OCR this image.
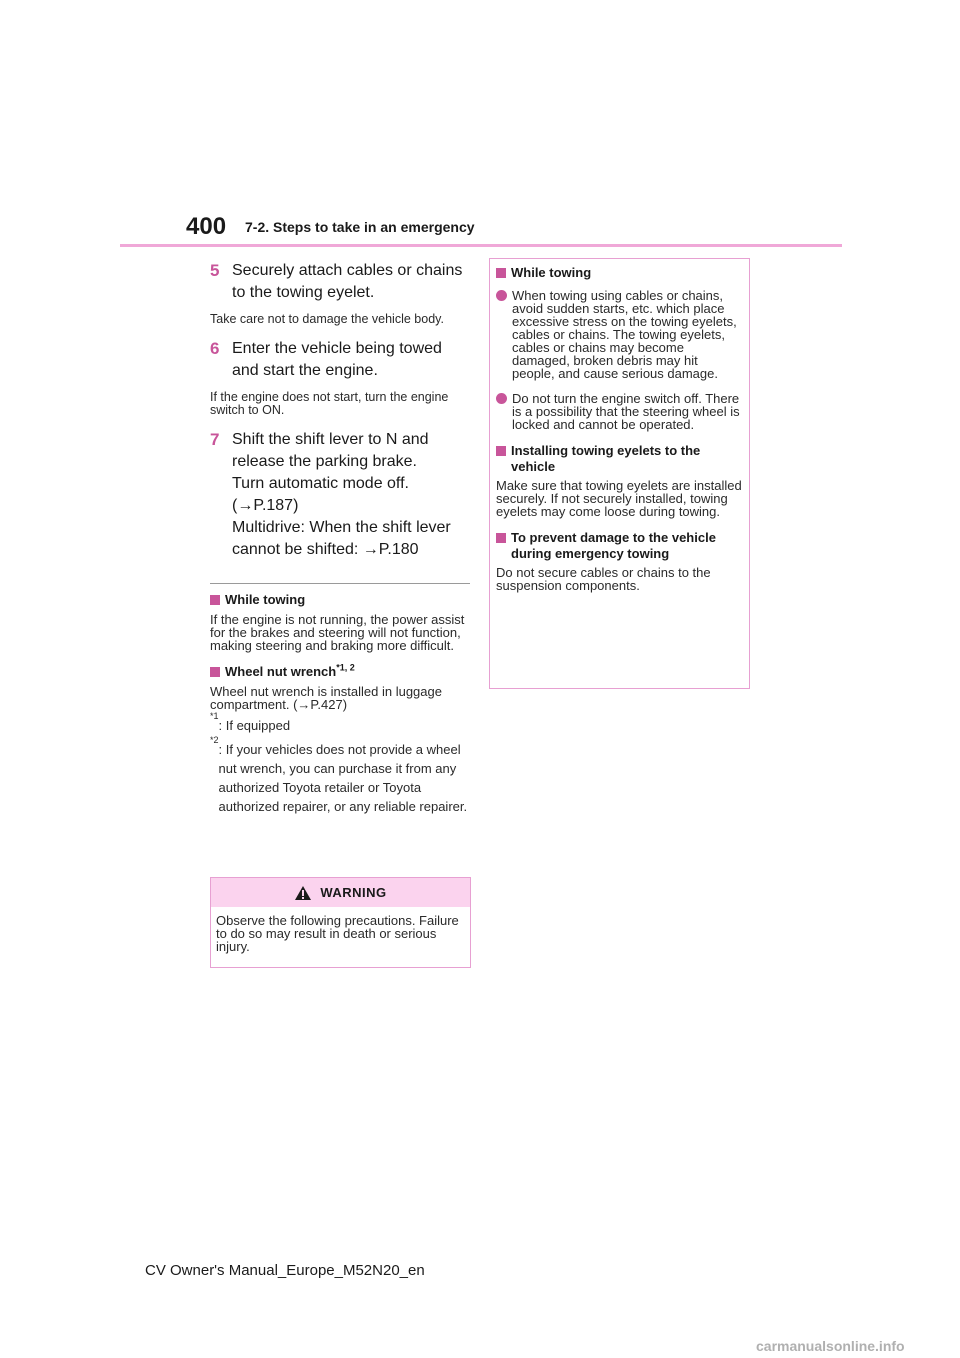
400 7-2. Steps to take in an emergency
5 Securely attach cables or chains to the towing eyelet.
Take care not to damage the vehicle body.
6 Enter the vehicle being towed and start the engine.
If the engine does not start, turn the engine switch to ON.
7 Shift the shift lever to N and release the parking brake.
Turn automatic mode off. (→P.187)
Multidrive: When the shift lever cannot be shifted: →P.180
While towing
If the engine is not running, the power assist for the brakes and steering will not function, making steering and braking more difficult.
Wheel nut wrench$^{*1, 2}$
Wheel nut wrench is installed in luggage compartment. (→P.427)
*1
: If equipped
*2
: If your vehicles does not provide a wheel nut wrench, you can purchase it from any authorized Toyota retailer or Toyota authorized repairer, or any reliable repairer.
WARNING
Observe the following precautions. Failure to do so may result in death or serious injury.
While towing
When towing using cables or chains, avoid sudden starts, etc. which place excessive stress on the towing eyelets, cables or chains. The towing eyelets, cables or chains may become damaged, broken debris may hit people, and cause serious damage.
Do not turn the engine switch off. There is a possibility that the steering wheel is locked and cannot be operated.
Installing towing eyelets to the vehicle
Make sure that towing eyelets are installed securely. If not securely installed, towing eyelets may come loose during towing.
To prevent damage to the vehicle during emergency towing
Do not secure cables or chains to the suspension components.
CV Owner's Manual_Europe_M52N20_en
carmanualsonline.info
